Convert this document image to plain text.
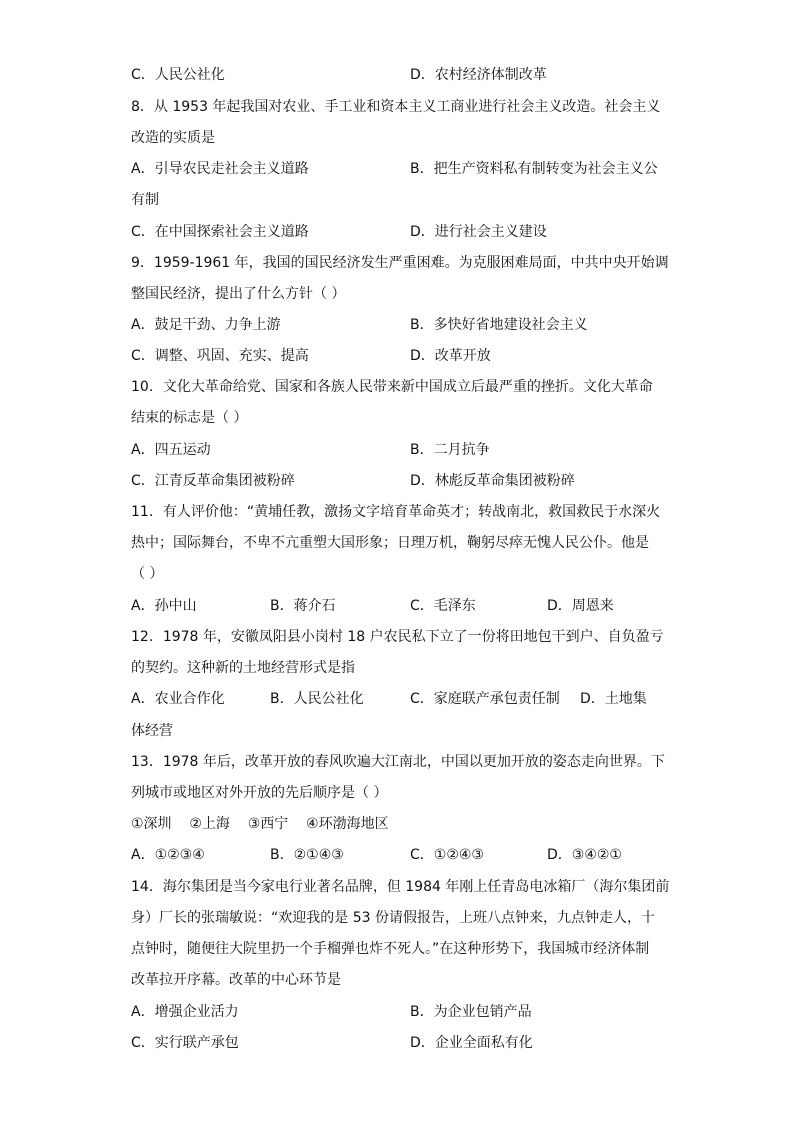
C．人民公社化	D．农村经济体制改革
8．从 1953 年起我国对农业、手工业和资本主义工商业进行社会主义改造。社会主义
改造的实质是
A．引导农民走社会主义道路	B．把生产资料私有制转变为社会主义公
有制
C．在中国探索社会主义道路	D．进行社会主义建设
9．1959-1961 年，我国的国民经济发生严重困难。为克服困难局面，中共中央开始调
整国民经济，提出了什么方针（ ）
A．鼓足干劲、力争上游	B．多快好省地建设社会主义
C．调整、巩固、充实、提高	D．改革开放
10．文化大革命给党、国家和各族人民带来新中国成立后最严重的挫折。文化大革命
结束的标志是（ ）
A．四五运动	B．二月抗争
C．江青反革命集团被粉碎	D．林彪反革命集团被粉碎
11．有人评价他：“黄埔任教，激扬文字培育革命英才；转战南北，救国救民于水深火
热中；国际舞台，不卑不亢重塑大国形象；日理万机，鞠躬尽瘁无愧人民公仆。他是
（ ）
A．孙中山	B．蒋介石	C．毛泽东	D．周恩来
12．1978 年，安徽凤阳县小岗村 18 户农民私下立了一份将田地包干到户、自负盈亏
的契约。这种新的土地经营形式是指
A．农业合作化	B．人民公社化	C．家庭联产承包责任制 D．土地集
体经营
13．1978 年后，改革开放的春风吹遍大江南北，中国以更加开放的姿态走向世界。下
列城市或地区对外开放的先后顺序是（ ）
①深圳    ②上海    ③西宁    ④环渤海地区
A．①②③④	B．②①④③	C．①②④③	D．③④②①
14．海尔集团是当今家电行业著名品牌，但 1984 年刚上任青岛电冰箱厂（海尔集团前
身）厂长的张瑞敏说：“欢迎我的是 53 份请假报告，上班八点钟来，九点钟走人，十
点钟时，随便往大院里扔一个手榴弹也炸不死人。”在这种形势下，我国城市经济体制
改革拉开序幕。改革的中心环节是
A．增强企业活力	B．为企业包销产品
C．实行联产承包	D．企业全面私有化
